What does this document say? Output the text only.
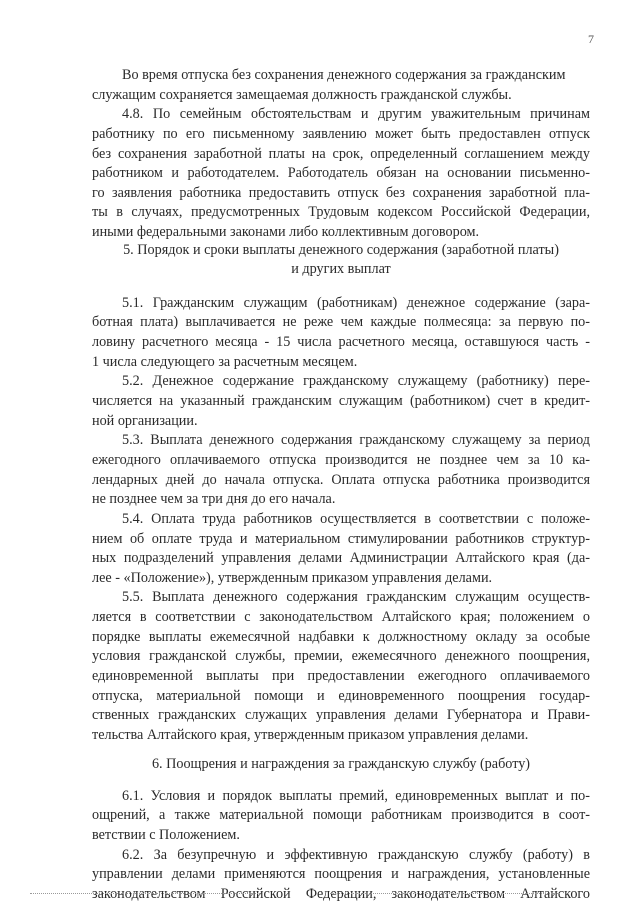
7
Во время отпуска без сохранения денежного содержания за гражданским
служащим сохраняется замещаемая должность гражданской службы.
4.8. По семейным обстоятельствам и другим уважительным причинам
работнику по его письменному заявлению может быть предоставлен отпуск
без сохранения заработной платы на срок, определенный соглашением между
работником и работодателем. Работодатель обязан на основании письменно-
го заявления работника предоставить отпуск без сохранения заработной пла-
ты в случаях, предусмотренных Трудовым кодексом Российской Федерации,
иными федеральными законами либо коллективным договором.
5. Порядок и сроки выплаты денежного содержания (заработной платы)
и других выплат
5.1. Гражданским служащим (работникам) денежное содержание (зара-
ботная плата) выплачивается не реже чем каждые полмесяца: за первую по-
ловину расчетного месяца - 15 числа расчетного месяца, оставшуюся часть -
1 числа следующего за расчетным месяцем.
5.2. Денежное содержание гражданскому служащему (работнику) пере-
числяется на указанный гражданским служащим (работником) счет в кредит-
ной организации.
5.3. Выплата денежного содержания гражданскому служащему за период
ежегодного оплачиваемого отпуска производится не позднее чем за 10 ка-
лендарных дней до начала отпуска. Оплата отпуска работника производится
не позднее чем за три дня до его начала.
5.4. Оплата труда работников осуществляется в соответствии с положе-
нием об оплате труда и материальном стимулировании работников структур-
ных подразделений управления делами Администрации Алтайского края (да-
лее - «Положение»), утвержденным приказом управления делами.
5.5. Выплата денежного содержания гражданским служащим осуществ-
ляется в соответствии с законодательством Алтайского края; положением о
порядке выплаты ежемесячной надбавки к должностному окладу за особые
условия гражданской службы, премии, ежемесячного денежного поощрения,
единовременной выплаты при предоставлении ежегодного оплачиваемого
отпуска, материальной помощи и единовременного поощрения государ-
ственных гражданских служащих управления делами Губернатора и Прави-
тельства Алтайского края, утвержденным приказом управления делами.
6. Поощрения и награждения за гражданскую службу (работу)
6.1. Условия и порядок выплаты премий, единовременных выплат и по-
ощрений, а также материальной помощи работникам производится в соот-
ветствии с Положением.
6.2. За безупречную и эффективную гражданскую службу (работу) в
управлении делами применяются поощрения и награждения, установленные
законодательством Российской Федерации, законодательством Алтайского
